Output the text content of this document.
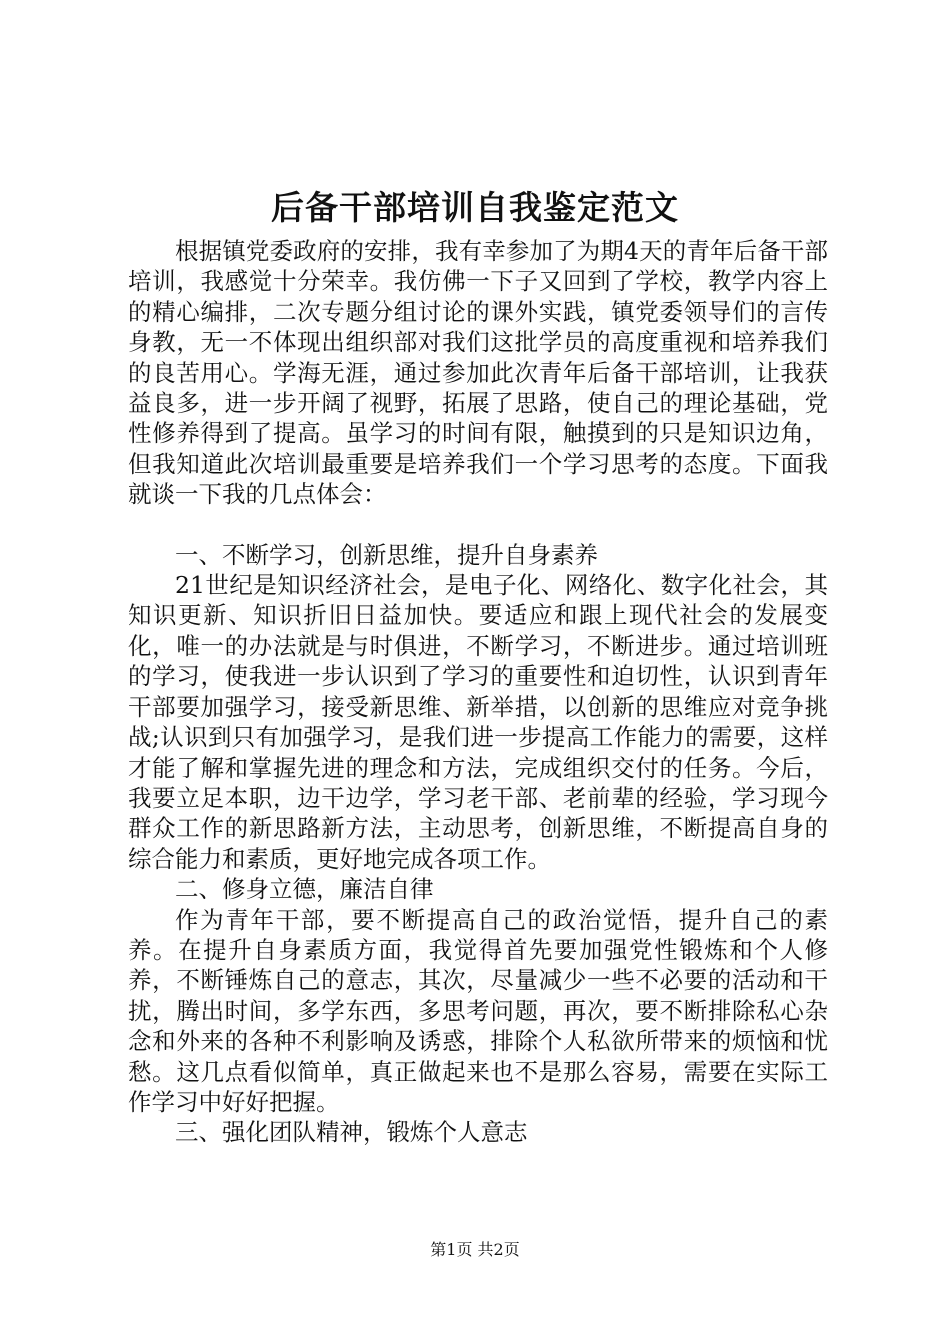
后备干部培训自我鉴定范文

根据镇党委政府的安排，我有幸参加了为期4天的青年后备干部培训，我感觉十分荣幸。我仿佛一下子又回到了学校，教学内容上的精心编排，二次专题分组讨论的课外实践，镇党委领导们的言传身教，无一不体现出组织部对我们这批学员的高度重视和培养我们的良苦用心。学海无涯，通过参加此次青年后备干部培训，让我获益良多，进一步开阔了视野，拓展了思路，使自己的理论基础，党性修养得到了提高。虽学习的时间有限，触摸到的只是知识边角，但我知道此次培训最重要是培养我们一个学习思考的态度。下面我就谈一下我的几点体会：

一、不断学习，创新思维，提升自身素养

21世纪是知识经济社会，是电子化、网络化、数字化社会，其知识更新、知识折旧日益加快。要适应和跟上现代社会的发展变化，唯一的办法就是与时俱进，不断学习，不断进步。通过培训班的学习，使我进一步认识到了学习的重要性和迫切性，认识到青年干部要加强学习，接受新思维、新举措，以创新的思维应对竞争挑战;认识到只有加强学习，是我们进一步提高工作能力的需要，这样才能了解和掌握先进的理念和方法，完成组织交付的任务。今后，我要立足本职，边干边学，学习老干部、老前辈的经验，学习现今群众工作的新思路新方法，主动思考，创新思维，不断提高自身的综合能力和素质，更好地完成各项工作。

二、修身立德，廉洁自律

作为青年干部，要不断提高自己的政治觉悟，提升自己的素养。在提升自身素质方面，我觉得首先要加强党性锻炼和个人修养，不断锤炼自己的意志，其次，尽量减少一些不必要的活动和干扰，腾出时间，多学东西，多思考问题，再次，要不断排除私心杂念和外来的各种不利影响及诱惑，排除个人私欲所带来的烦恼和忧愁。这几点看似简单，真正做起来也不是那么容易，需要在实际工作学习中好好把握。

三、强化团队精神，锻炼个人意志

第1页 共2页
